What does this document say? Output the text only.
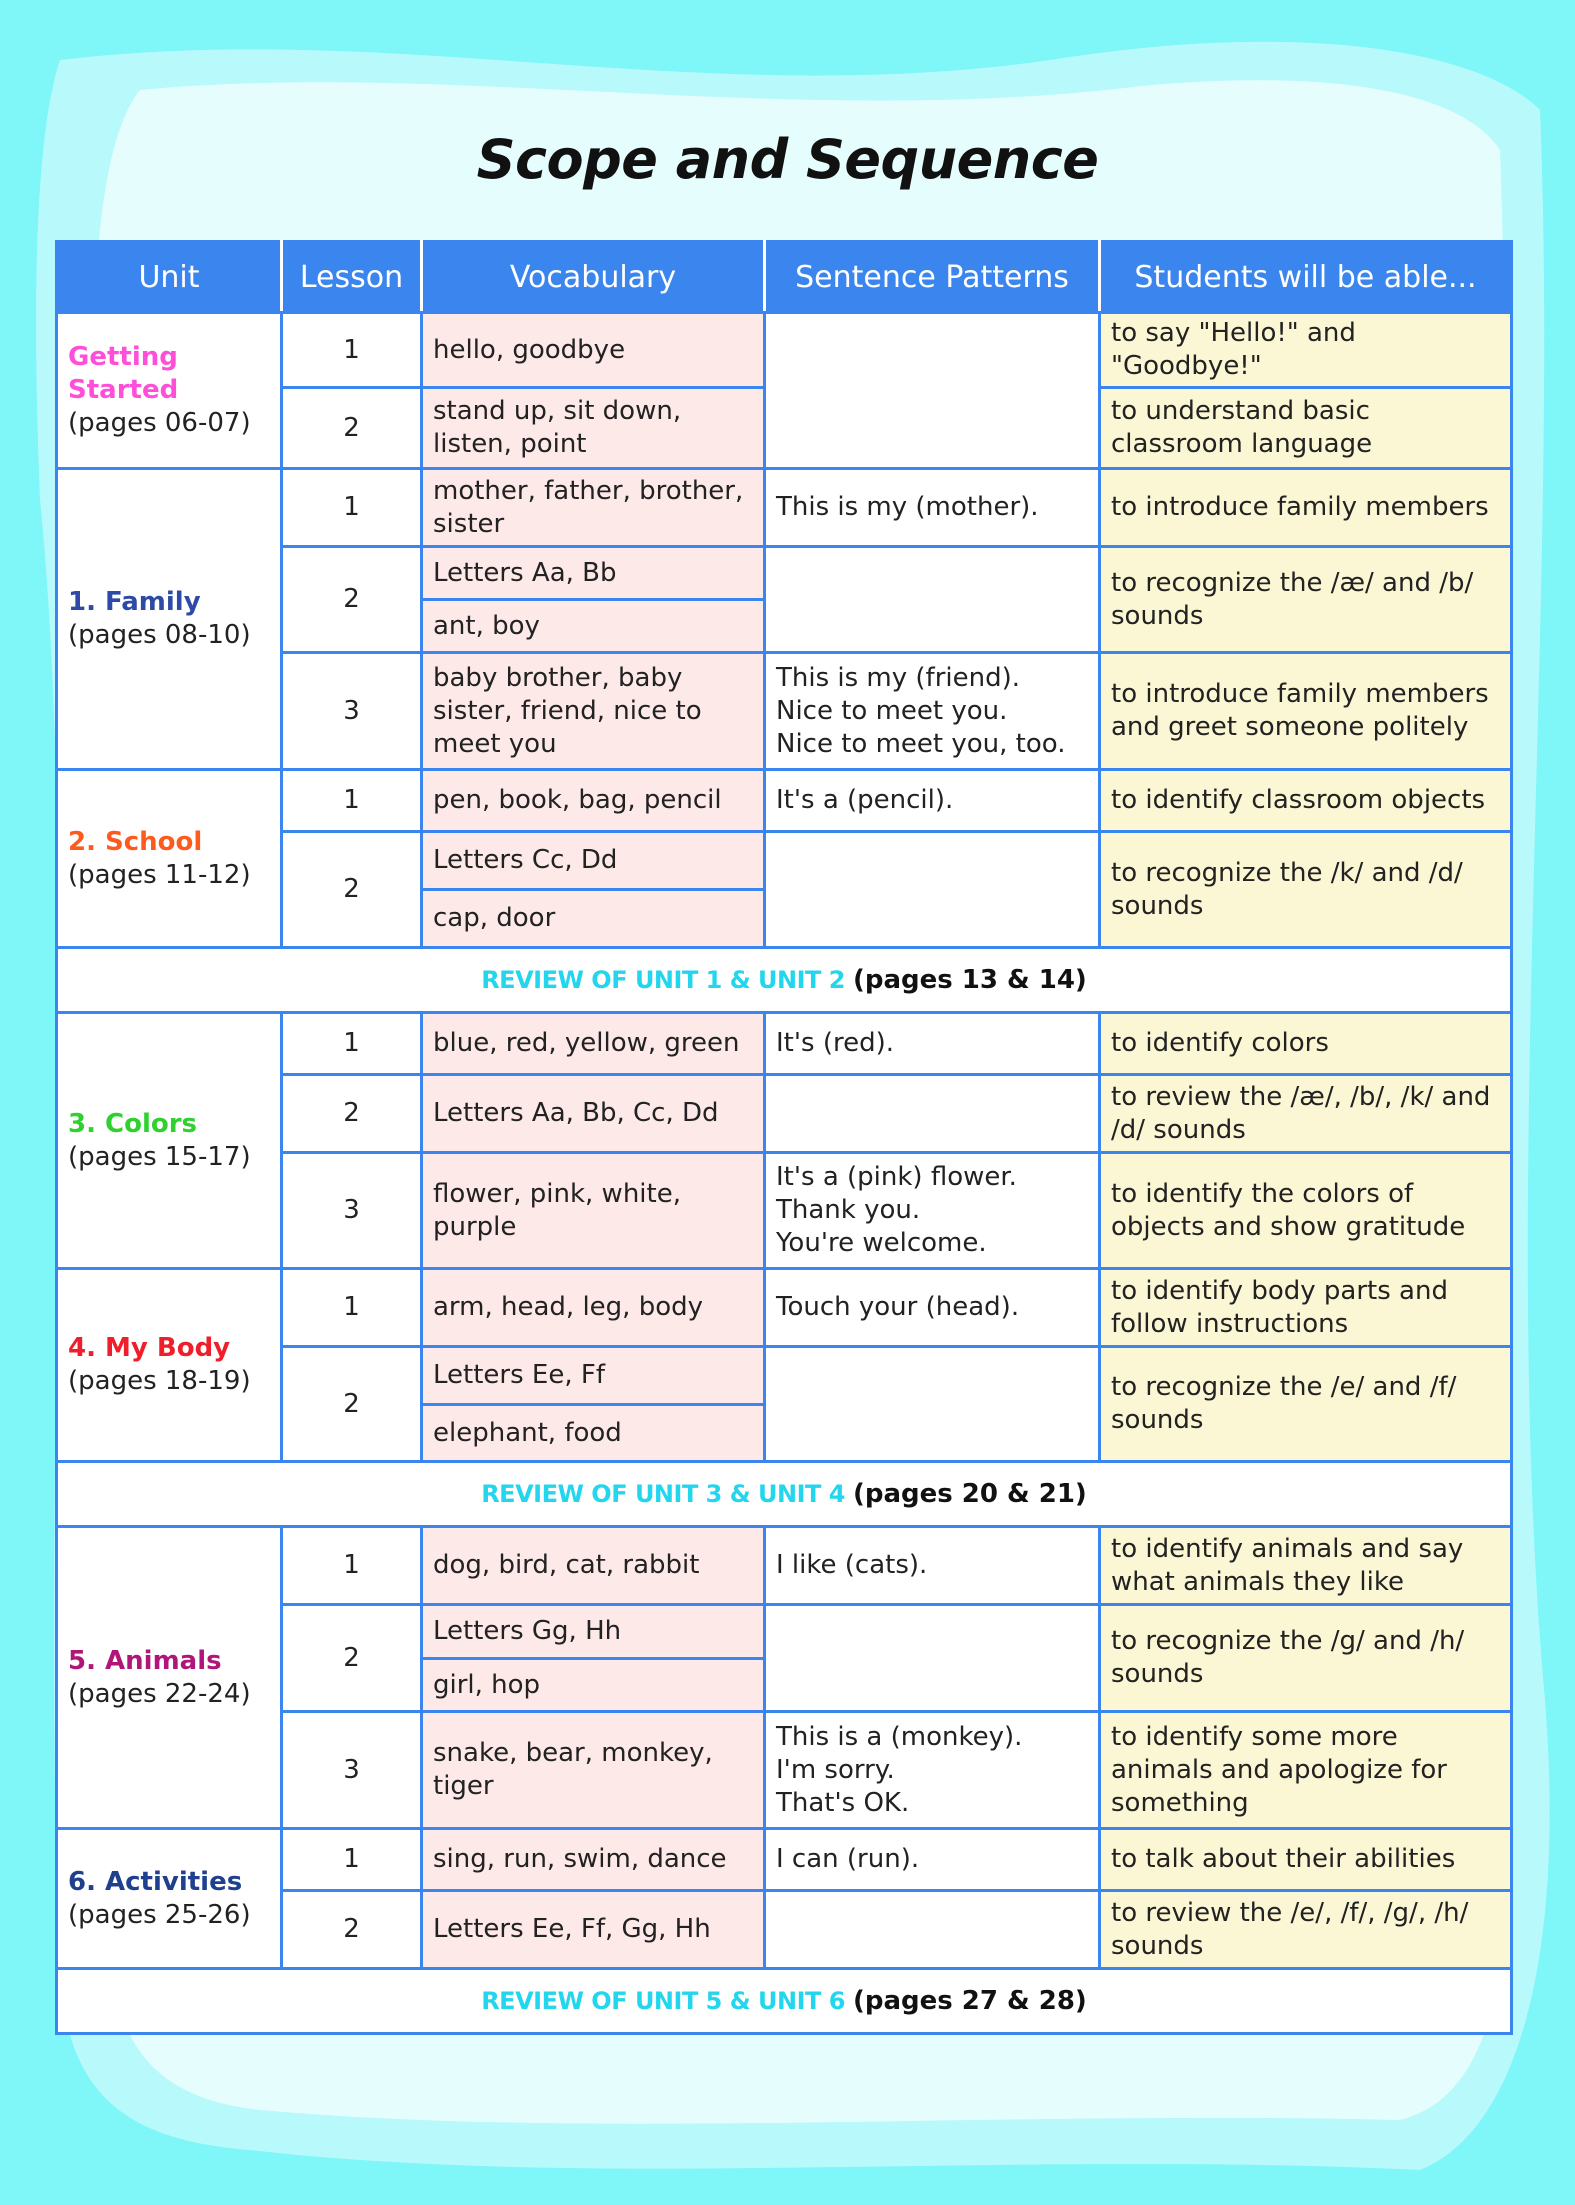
Scope and Sequence
Unit	Lesson	Vocabulary	Sentence Patterns	Students will be able...

Getting Started
(pages 06-07)	1	hello, goodbye		to say "Hello!" and "Goodbye!"
	2	stand up, sit down, listen, point		to understand basic classroom language

1. Family
(pages 08-10)	1	mother, father, brother, sister	This is my (mother).	to introduce family members
	2	Letters Aa, Bb		to recognize the /æ/ and /b/ sounds
		ant, boy		
	3	baby brother, baby sister, friend, nice to meet you	This is my (friend).
Nice to meet you.
Nice to meet you, too.	to introduce family members and greet someone politely

2. School
(pages 11-12)	1	pen, book, bag, pencil	It's a (pencil).	to identify classroom objects
	2	Letters Cc, Dd		to recognize the /k/ and /d/ sounds
		cap, door		
REVIEW OF UNIT 1 & UNIT 2 (pages 13 & 14)				

3. Colors
(pages 15-17)	1	blue, red, yellow, green	It's (red).	to identify colors
	2	Letters Aa, Bb, Cc, Dd		to review the /æ/, /b/, /k/ and /d/ sounds
	3	flower, pink, white, purple	It's a (pink) flower.
Thank you.
You're welcome.	to identify the colors of objects and show gratitude

4. My Body
(pages 18-19)	1	arm, head, leg, body	Touch your (head).	to identify body parts and follow instructions
	2	Letters Ee, Ff		to recognize the /e/ and /f/ sounds
		elephant, food		
REVIEW OF UNIT 3 & UNIT 4 (pages 20 & 21)				

5. Animals
(pages 22-24)	1	dog, bird, cat, rabbit	I like (cats).	to identify animals and say what animals they like
	2	Letters Gg, Hh		to recognize the /g/ and /h/ sounds
		girl, hop		
	3	snake, bear, monkey, tiger	This is a (monkey).
I'm sorry.
That's OK.	to identify some more animals and apologize for something

6. Activities
(pages 25-26)	1	sing, run, swim, dance	I can (run).	to talk about their abilities
	2	Letters Ee, Ff, Gg, Hh		to review the /e/, /f/, /g/, /h/ sounds
REVIEW OF UNIT 5 & UNIT 6 (pages 27 & 28)				
